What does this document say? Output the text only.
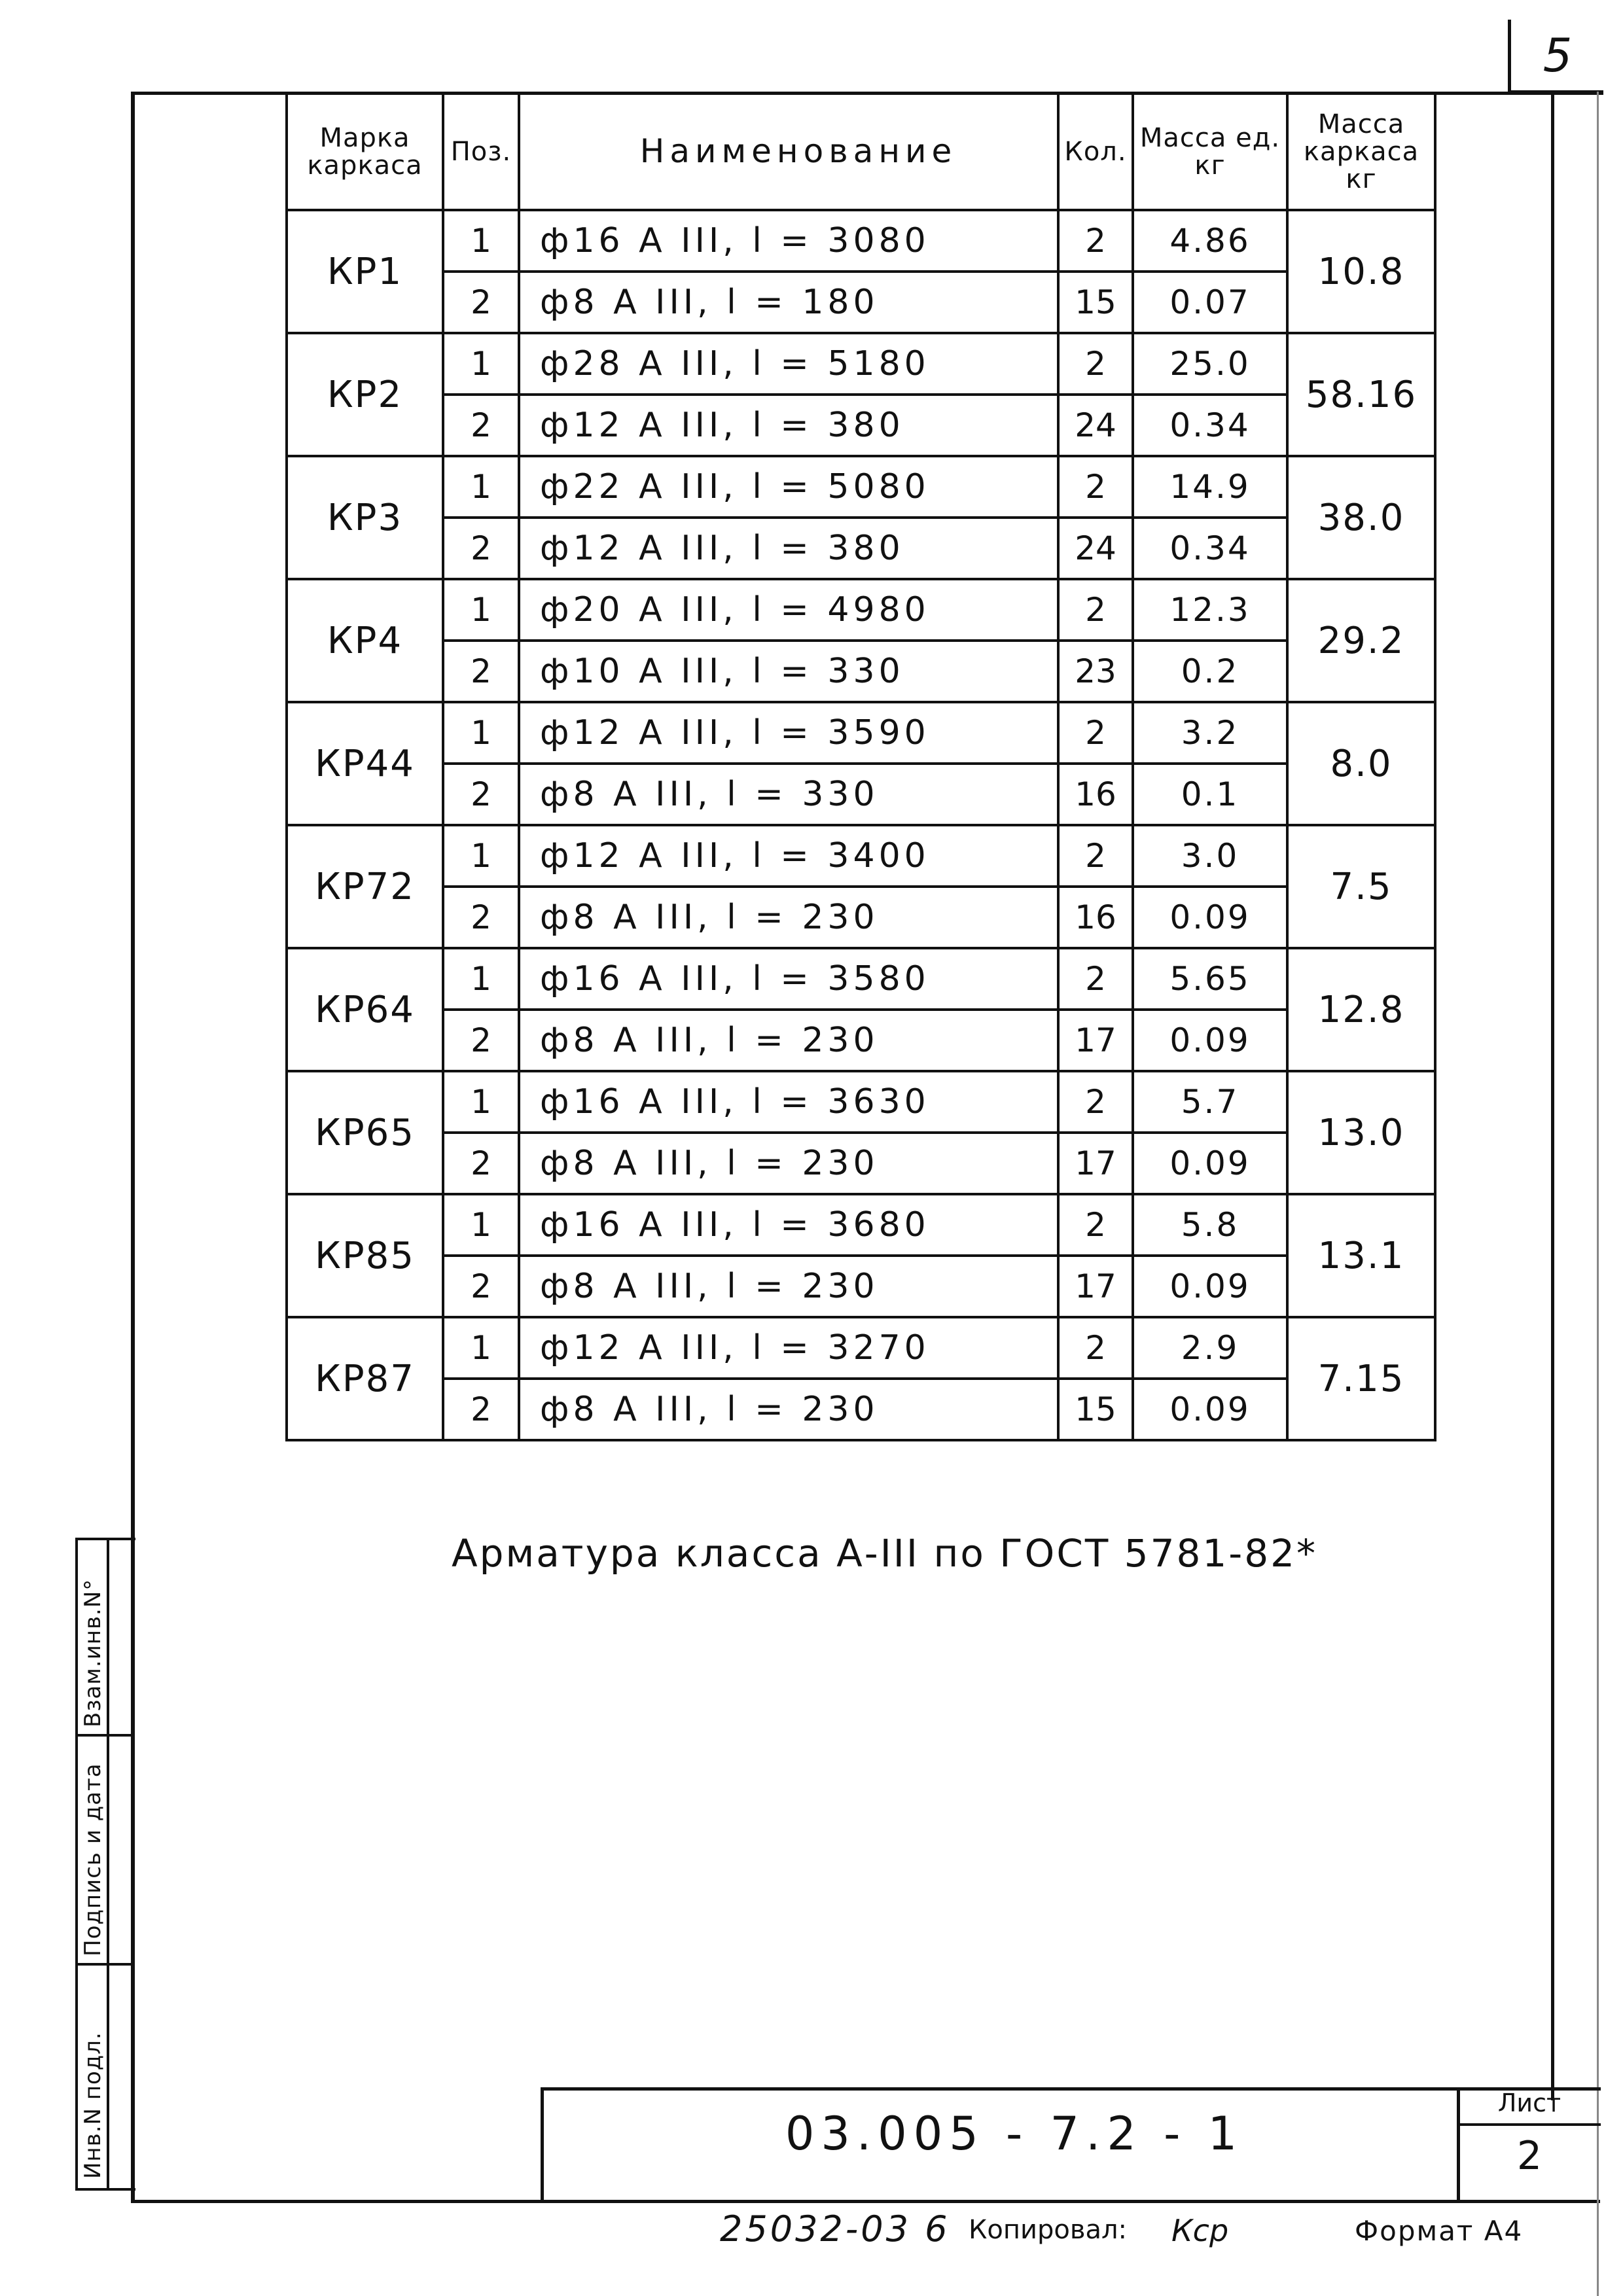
5
Марка каркаса	Поз.	Наименование	Кол.	Масса ед. кг	Масса каркаса кг
КР1	1	ф16 А III, l = 3080	2	4.86	10.8
	2	ф8 А III, l = 180	15	0.07	
КР2	1	ф28 А III, l = 5180	2	25.0	58.16
	2	ф12 А III, l = 380	24	0.34	
КР3	1	ф22 А III, l = 5080	2	14.9	38.0
	2	ф12 А III, l = 380	24	0.34	
КР4	1	ф20 А III, l = 4980	2	12.3	29.2
	2	ф10 А III, l = 330	23	0.2	
КР44	1	ф12 А III, l = 3590	2	3.2	8.0
	2	ф8 А III, l = 330	16	0.1	
КР72	1	ф12 А III, l = 3400	2	3.0	7.5
	2	ф8 А III, l = 230	16	0.09	
КР64	1	ф16 А III, l = 3580	2	5.65	12.8
	2	ф8 А III, l = 230	17	0.09	
КР65	1	ф16 А III, l = 3630	2	5.7	13.0
	2	ф8 А III, l = 230	17	0.09	
КР85	1	ф16 А III, l = 3680	2	5.8	13.1
	2	ф8 А III, l = 230	17	0.09	
КР87	1	ф12 А III, l = 3270	2	2.9	7.15
	2	ф8 А III, l = 230	15	0.09	
Арматура класса А-III по ГОСТ 5781-82*
Инв.N подл.
Подпись и дата
Взам.инв.N°
03.005 - 7.2 - 1
Лист
2
25032-03 6 Копировал: Кcр	Формат А4
